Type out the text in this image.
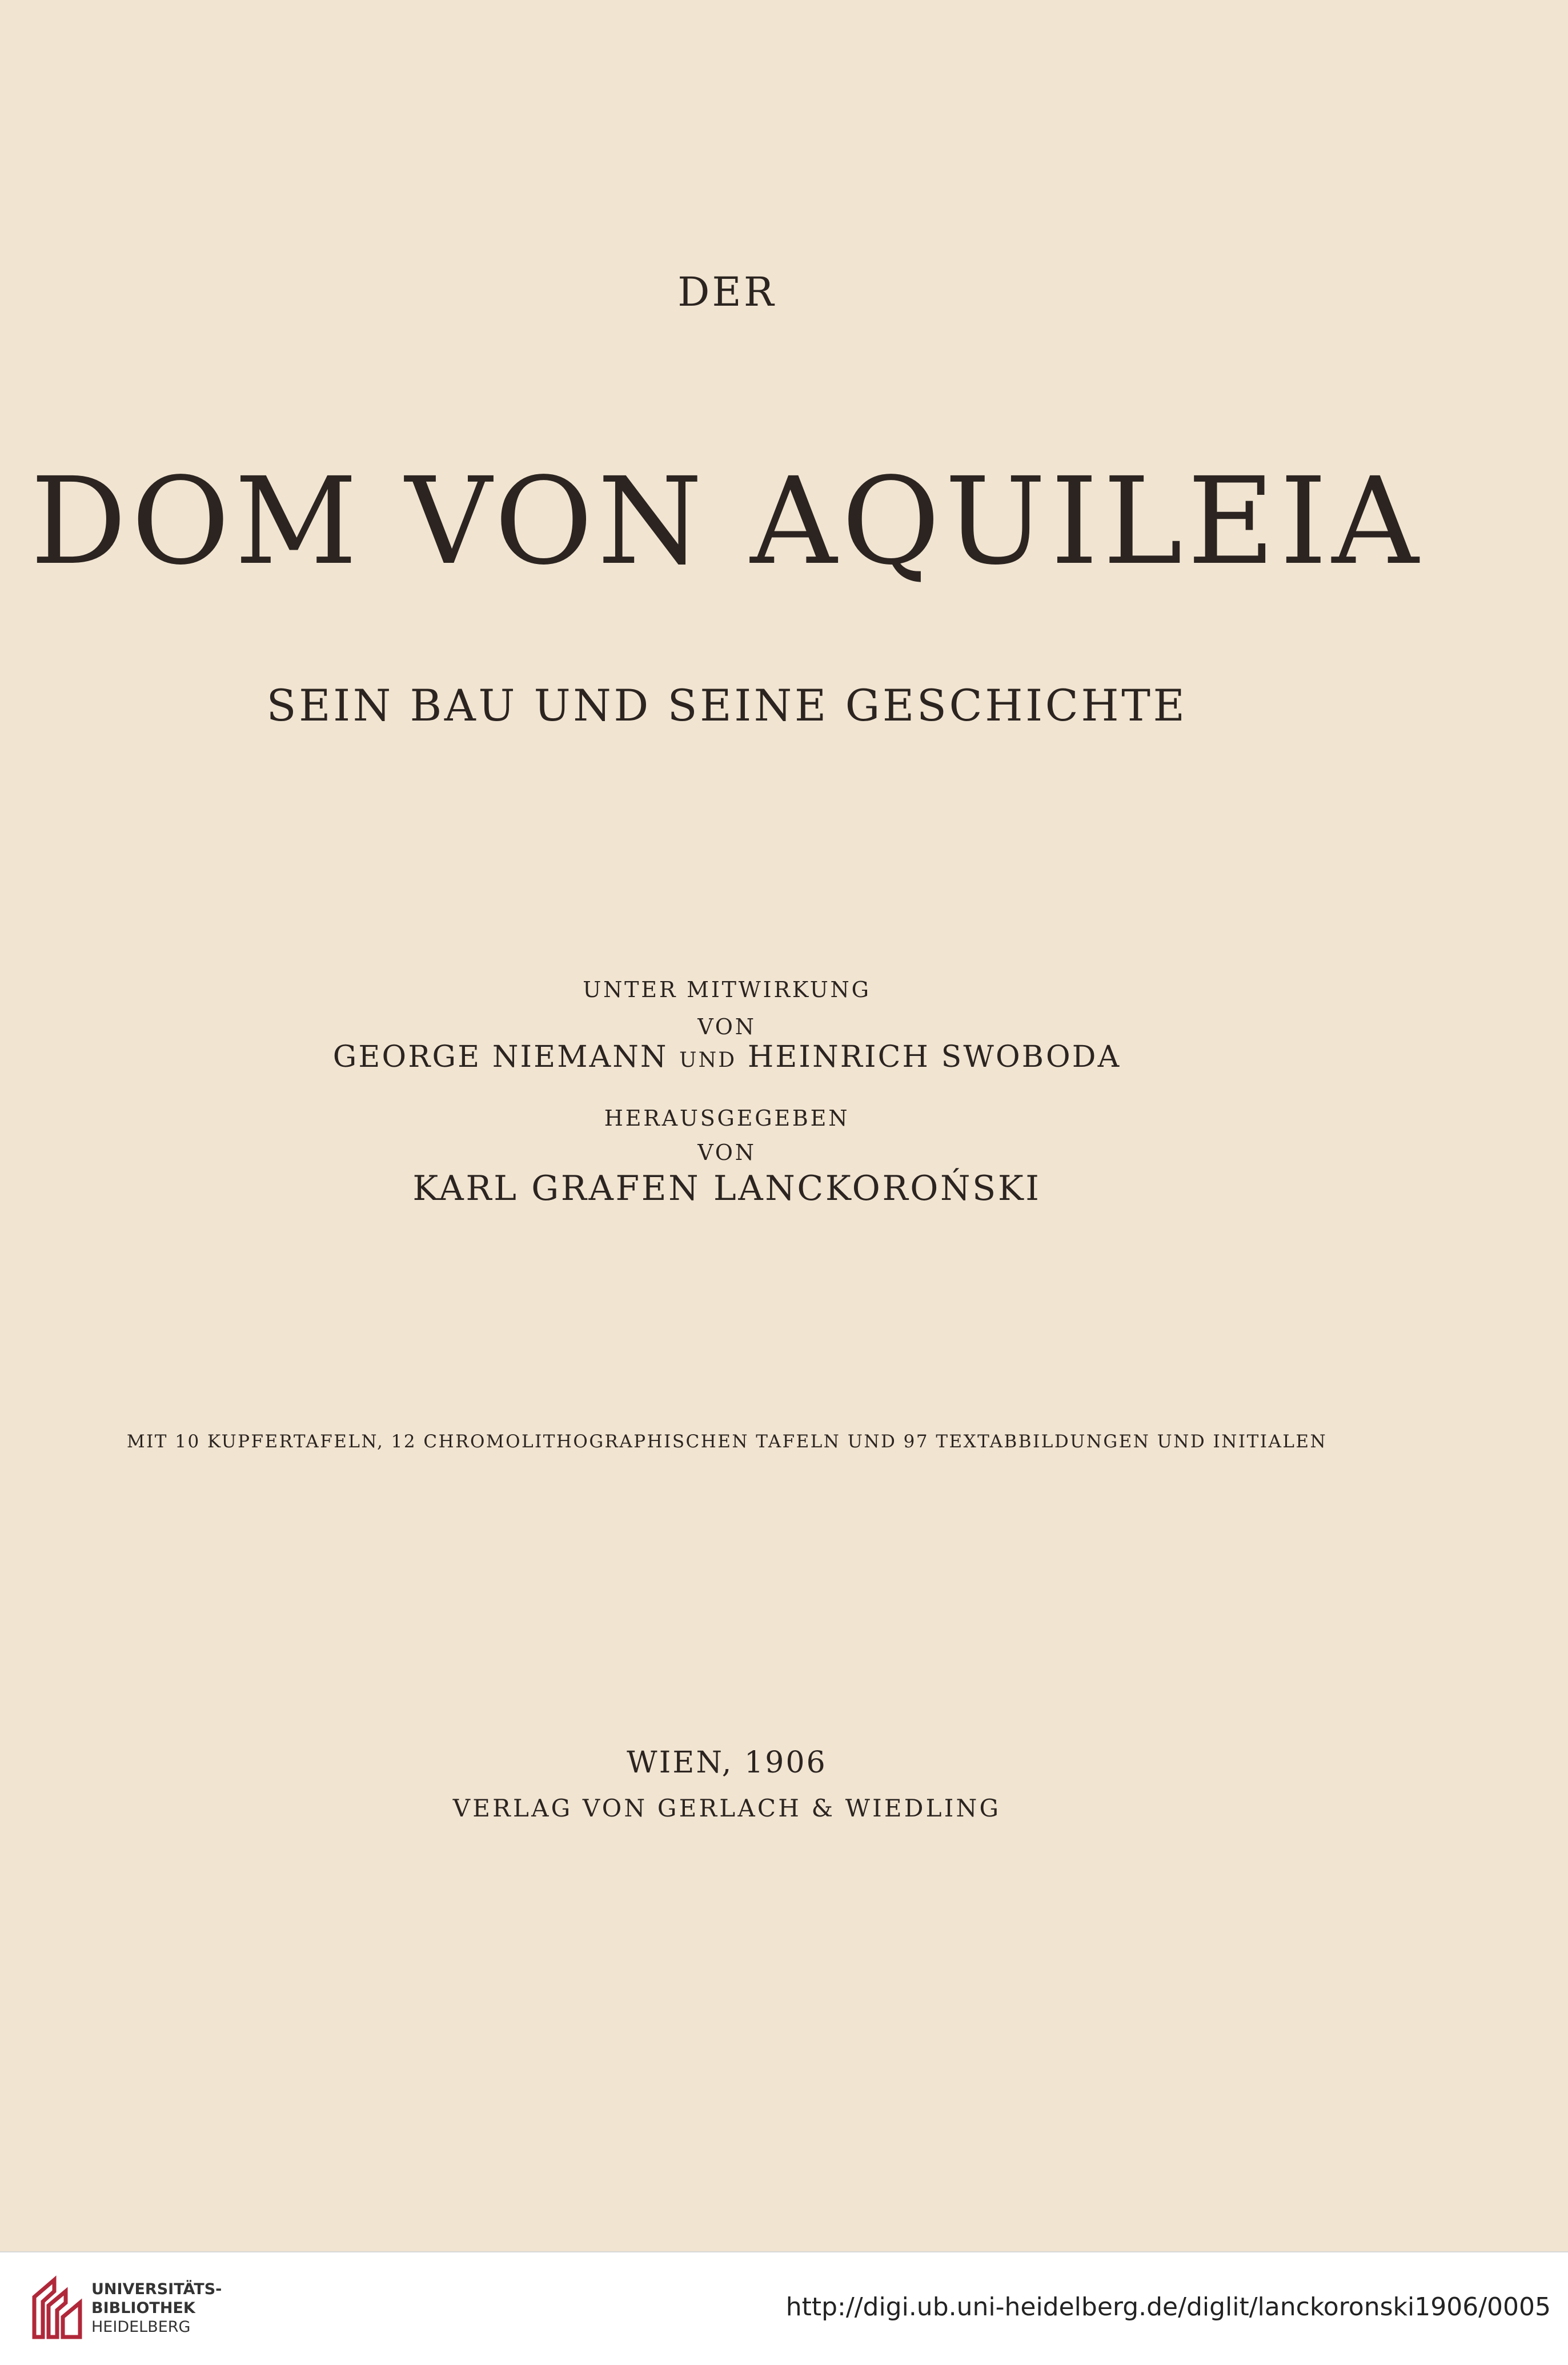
DER
DOM VON AQUILEIA
SEIN BAU UND SEINE GESCHICHTE
UNTER MITWIRKUNG
VON
GEORGE NIEMANN UND HEINRICH SWOBODA
HERAUSGEGEBEN
VON
KARL GRAFEN LANCKOROŃSKI
MIT 10 KUPFERTAFELN, 12 CHROMOLITHOGRAPHISCHEN TAFELN UND 97 TEXTABBILDUNGEN UND INITIALEN
WIEN, 1906
VERLAG VON GERLACH & WIEDLING
UNIVERSITÄTS-
BIBLIOTHEK
HEIDELBERG
http://digi.ub.uni-heidelberg.de/diglit/lanckoronski1906/0005
